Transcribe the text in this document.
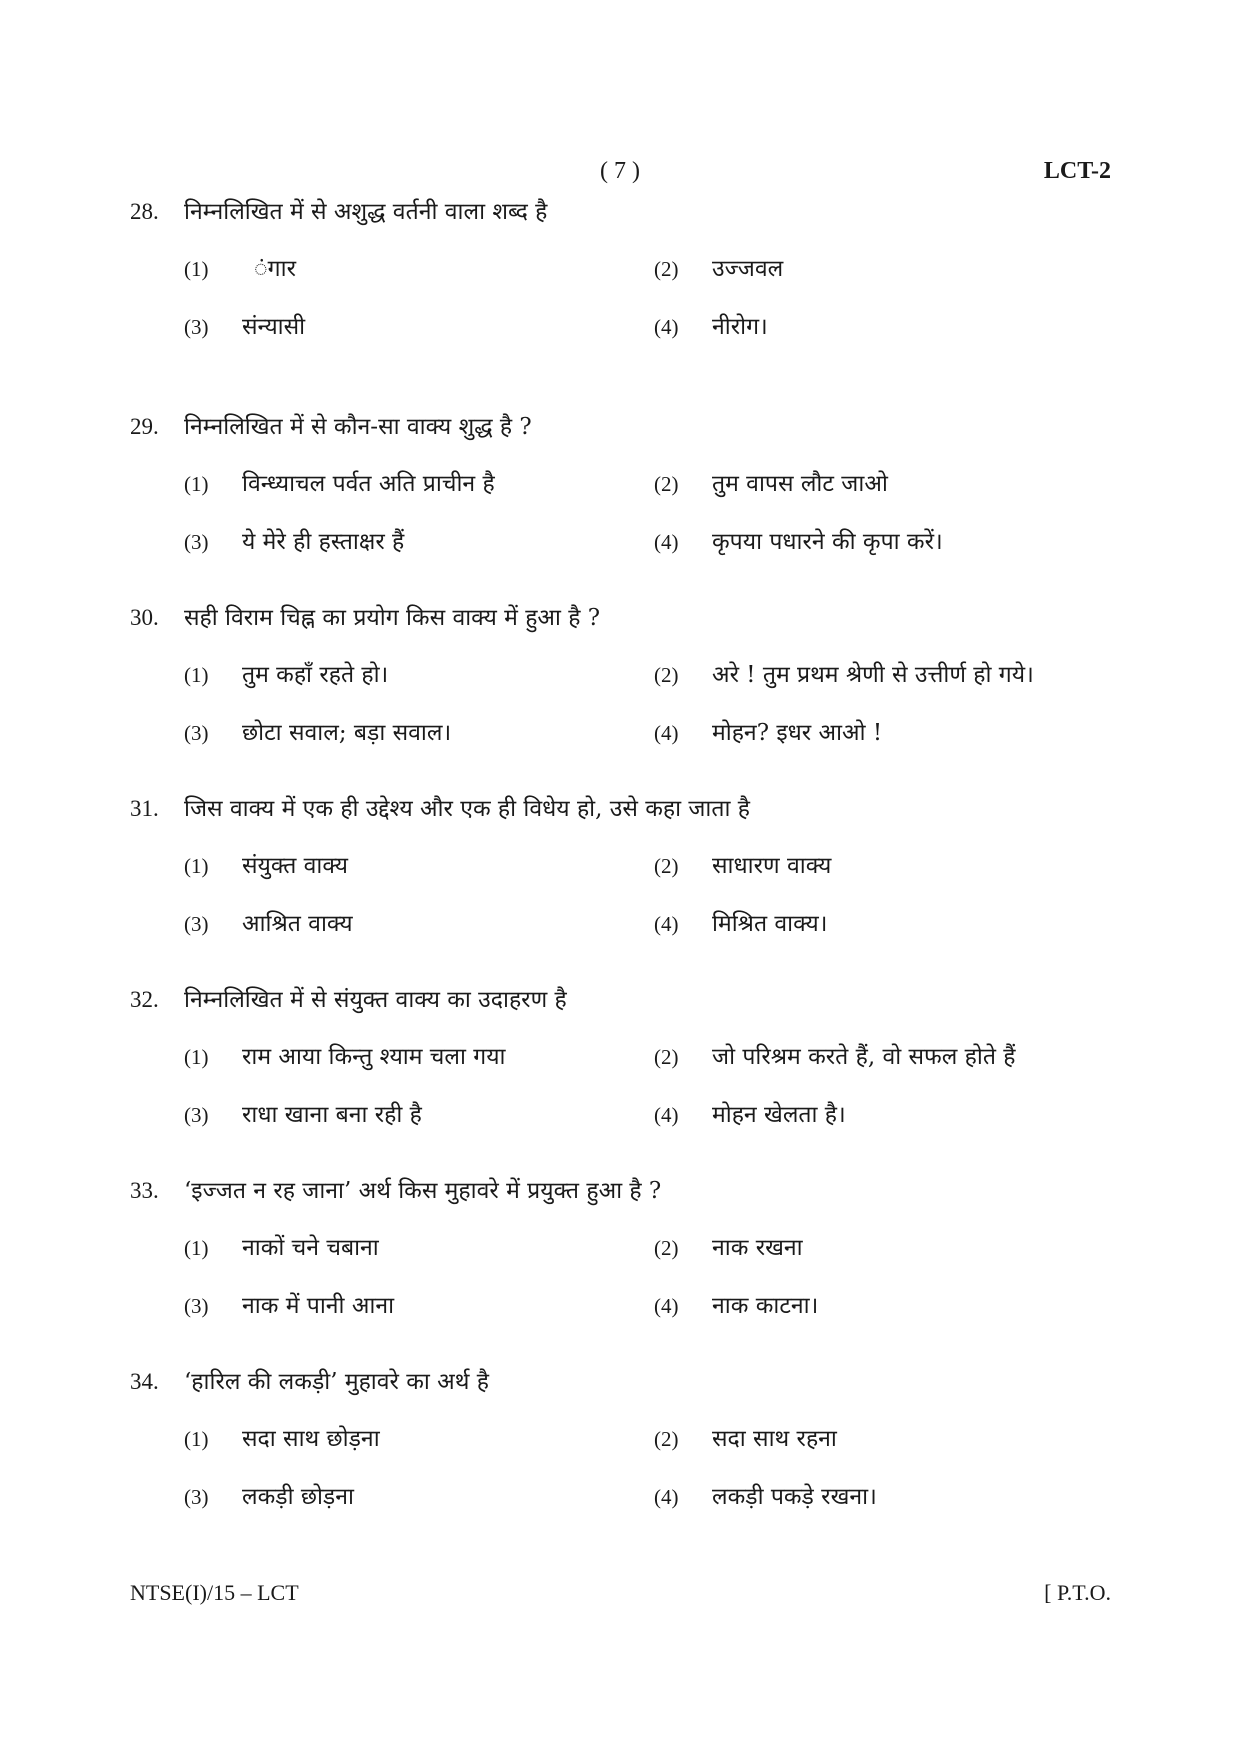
( 7 )	LCT-2
28.	निम्नलिखित में से अशुद्ध वर्तनी वाला शब्द है
(1)	ंगार	(2)	उज्जवल
(3)	संन्यासी	(4)	नीरोग।
29.	निम्नलिखित में से कौन-सा वाक्य शुद्ध है ?
(1)	विन्ध्याचल पर्वत अति प्राचीन है	(2)	तुम वापस लौट जाओ
(3)	ये मेरे ही हस्ताक्षर हैं	(4)	कृपया पधारने की कृपा करें।
30.	सही विराम चिह्न का प्रयोग किस वाक्य में हुआ है ?
(1)	तुम कहाँ रहते हो।	(2)	अरे ! तुम प्रथम श्रेणी से उत्तीर्ण हो गये।
(3)	छोटा सवाल; बड़ा सवाल।	(4)	मोहन? इधर आओ !
31.	जिस वाक्य में एक ही उद्देश्य और एक ही विधेय हो, उसे कहा जाता है
(1)	संयुक्त वाक्य	(2)	साधारण वाक्य
(3)	आश्रित वाक्य	(4)	मिश्रित वाक्य।
32.	निम्नलिखित में से संयुक्त वाक्य का उदाहरण है
(1)	राम आया किन्तु श्याम चला गया	(2)	जो परिश्रम करते हैं, वो सफल होते हैं
(3)	राधा खाना बना रही है	(4)	मोहन खेलता है।
33.	‘इज्जत न रह जाना’ अर्थ किस मुहावरे में प्रयुक्त हुआ है ?
(1)	नाकों चने चबाना	(2)	नाक रखना
(3)	नाक में पानी आना	(4)	नाक काटना।
34.	‘हारिल की लकड़ी’ मुहावरे का अर्थ है
(1)	सदा साथ छोड़ना	(2)	सदा साथ रहना
(3)	लकड़ी छोड़ना	(4)	लकड़ी पकड़े रखना।
NTSE(I)/15 – LCT	[ P.T.O.
